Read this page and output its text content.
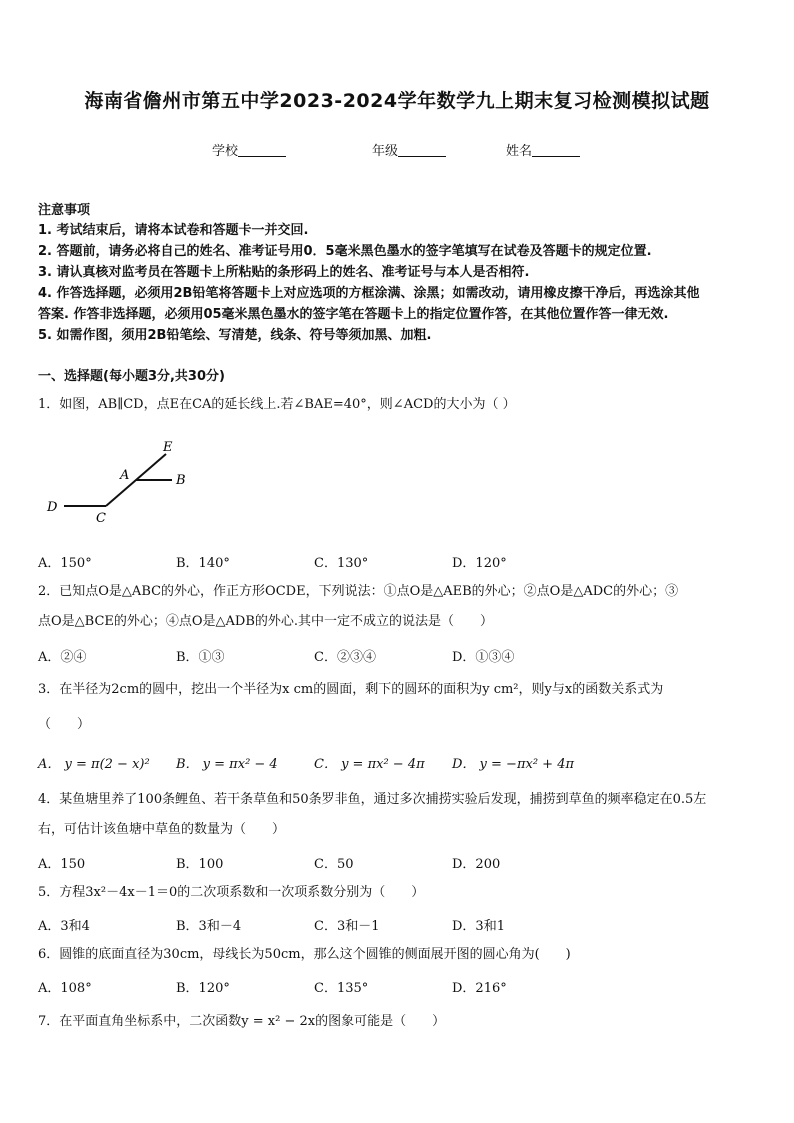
海南省儋州市第五中学2023-2024学年数学九上期末复习检测模拟试题
学校	年级	姓名
注意事项
1. 考试结束后，请将本试卷和答题卡一并交回.
2. 答题前，请务必将自己的姓名、准考证号用0．5毫米黑色墨水的签字笔填写在试卷及答题卡的规定位置.
3. 请认真核对监考员在答题卡上所粘贴的条形码上的姓名、准考证号与本人是否相符.
4. 作答选择题，必须用2B铅笔将答题卡上对应选项的方框涂满、涂黑；如需改动，请用橡皮擦干净后，再选涂其他
答案. 作答非选择题，必须用05毫米黑色墨水的签字笔在答题卡上的指定位置作答，在其他位置作答一律无效.
5. 如需作图，须用2B铅笔绘、写清楚，线条、符号等须加黑、加粗.
一、选择题(每小题3分,共30分)
1．如图，AB∥CD，点E在CA的延长线上.若∠BAE=40°，则∠ACD的大小为（ ）
E
A	B
D
C
A．150°	B．140°	C．130°	D．120°
2．已知点O是△ABC的外心，作正方形OCDE，下列说法：①点O是△AEB的外心；②点O是△ADC的外心；③
点O是△BCE的外心；④点O是△ADB的外心.其中一定不成立的说法是（　　）
A．②④	B．①③	C．②③④	D．①③④
3．在半径为2cm的圆中，挖出一个半径为x cm的圆面，剩下的圆环的面积为y cm²，则y与x的函数关系式为
（　　）
A． y = π(2 − x)² B． y = πx² − 4	C． y = πx² − 4π D． y = −πx² + 4π
4．某鱼塘里养了100条鲤鱼、若干条草鱼和50条罗非鱼，通过多次捕捞实验后发现，捕捞到草鱼的频率稳定在0.5左
右，可估计该鱼塘中草鱼的数量为（　　）
A．150	B．100	C．50	D．200
5．方程3x²－4x－1＝0的二次项系数和一次项系数分别为（　　）
A．3和4	B．3和－4	C．3和－1	D．3和1
6．圆锥的底面直径为30cm，母线长为50cm，那么这个圆锥的侧面展开图的圆心角为(　　)
A．108°	B．120°	C．135°	D．216°
7．在平面直角坐标系中，二次函数y = x² − 2x的图象可能是（　　）
